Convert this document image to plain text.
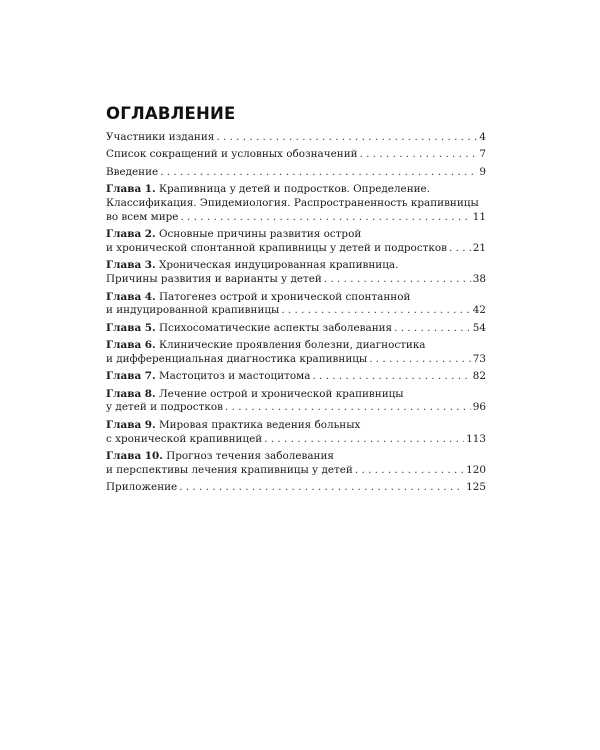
ОГЛАВЛЕНИЕ
Участники издания . . .	4
Список сокращений и условных обозначений . . .	7
Введение . . .	9
Глава 1.
Крапивница у детей и подростков. Определение.
Классификация. Эпидемиология. Распространенность крапивницы
во всем мире . . .	11
Глава 2.
Основные причины развития острой
и хронической спонтанной крапивницы у детей и подростков . . . 21
Глава 3.
Хроническая индуцированная крапивница.
Причины развития и варианты у детей . . .	38
Глава 4.
Патогенез острой и хронической спонтанной
и индуцированной крапивницы . . .	42
Глава 5.
Психосоматические аспекты заболевания . . .	54
Глава 6.
Клинические проявления болезни, диагностика
и дифференциальная диагностика крапивницы . . .	73
Глава 7.
Мастоцитоз и мастоцитома . . .	82
Глава 8.
Лечение острой и хронической крапивницы
у детей и подростков . . .	96
Глава 9.
Мировая практика ведения больных
с хронической крапивницей . . .	113
Глава 10.
Прогноз течения заболевания
и перспективы лечения крапивницы у детей . . .	120
Приложение . . .	125
